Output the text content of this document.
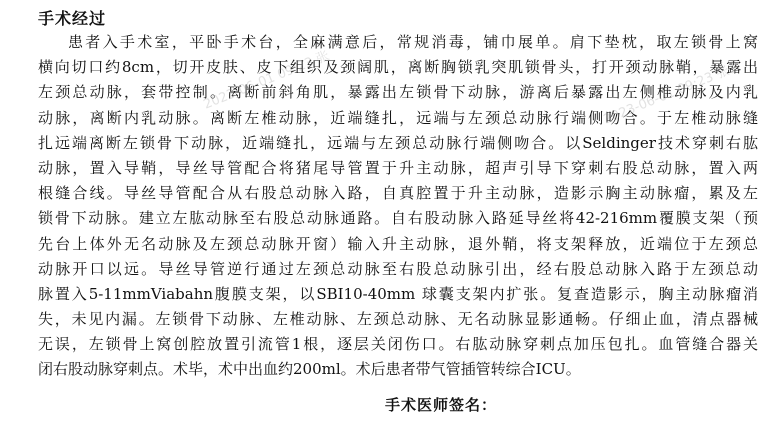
手术经过
患者入手术室，平卧手术台，全麻满意后，常规消毒，铺巾展单。肩下垫枕，取左锁骨上窝
横向切口约8cm，切开皮肤、皮下组织及颈阔肌，离断胸锁乳突肌锁骨头，打开颈动脉鞘，暴露出
左颈总动脉，套带控制。离断前斜角肌，暴露出左锁骨下动脉，游离后暴露出左侧椎动脉及内乳
动脉，离断内乳动脉。离断左椎动脉，近端缝扎，远端与左颈总动脉行端侧吻合。于左椎动脉缝
扎远端离断左锁骨下动脉，近端缝扎，远端与左颈总动脉行端侧吻合。以Seldinger技术穿刺右肱
动脉，置入导鞘，导丝导管配合将猪尾导管置于升主动脉，超声引导下穿刺右股总动脉，置入两
根缝合线。导丝导管配合从右股总动脉入路，自真腔置于升主动脉，造影示胸主动脉瘤，累及左
锁骨下动脉。建立左肱动脉至右股总动脉通路。自右股动脉入路延导丝将42-216mm覆膜支架（预
先台上体外无名动脉及左颈总动脉开窗）输入升主动脉，退外鞘，将支架释放，近端位于左颈总
动脉开口以远。导丝导管逆行通过左颈总动脉至右股总动脉引出，经右股总动脉入路于左颈总动
脉置入5-11mmViabahn腹膜支架，以SBI10-40mm 球囊支架内扩张。复查造影示，胸主动脉瘤消
失，未见内漏。左锁骨下动脉、左椎动脉、左颈总动脉、无名动脉显影通畅。仔细止血，清点器械
无误，左锁骨上窝创腔放置引流管1根，逐层关闭伤口。右肱动脉穿刺点加压包扎。血管缝合器关
闭右股动脉穿刺点。术毕，术中出血约200ml。术后患者带气管插管转综合ICU。
2023-06-01 09:23 张	2023-06-01 09:23 张会
手术医师签名：
